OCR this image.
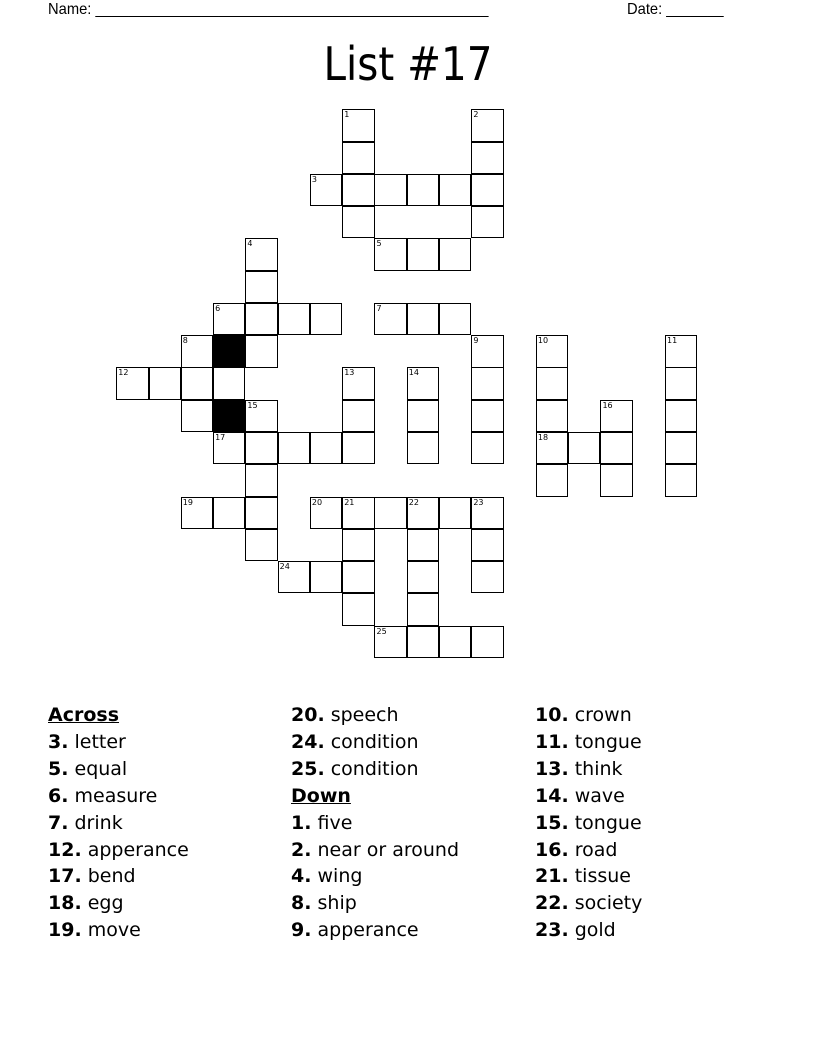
Name: ________________________________________________	Date: _______
List #17
1	2
3
4	5
6	7
8	9	10	11
12	13	14
15	16
17	18
19	20	21	22	23
24
25
Across
3. letter
5. equal
6. measure
7. drink
12. apperance
17. bend
18. egg
19. move
20. speech
24. condition
25. condition
Down
1. five
2. near or around
4. wing
8. ship
9. apperance
10. crown
11. tongue
13. think
14. wave
15. tongue
16. road
21. tissue
22. society
23. gold
